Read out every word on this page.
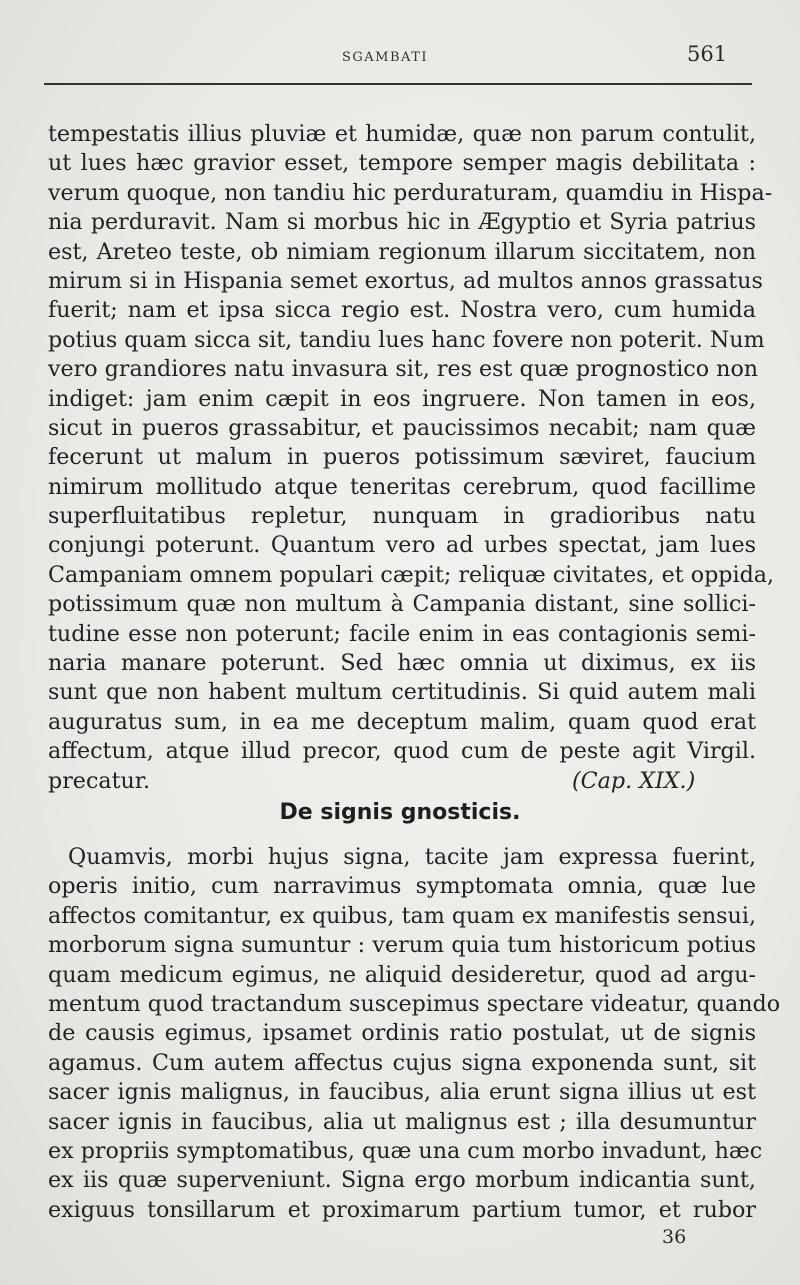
SGAMBATI	561
tempestatis illius pluviæ et humidæ, quæ non parum contulit,
ut lues hæc gravior esset, tempore semper magis debilitata :
verum quoque, non tandiu hic perduraturam, quamdiu in Hispa-
nia perduravit. Nam si morbus hic in Ægyptio et Syria patrius
est, Areteo teste, ob nimiam regionum illarum siccitatem, non
mirum si in Hispania semet exortus, ad multos annos grassatus
fuerit; nam et ipsa sicca regio est. Nostra vero, cum humida
potius quam sicca sit, tandiu lues hanc fovere non poterit. Num
vero grandiores natu invasura sit, res est quæ prognostico non
indiget: jam enim cæpit in eos ingruere. Non tamen in eos,
sicut in pueros grassabitur, et paucissimos necabit; nam quæ
fecerunt ut malum in pueros potissimum sæviret, faucium
nimirum mollitudo atque teneritas cerebrum, quod facillime
superfluitatibus repletur, nunquam in gradioribus natu
conjungi poterunt. Quantum vero ad urbes spectat, jam lues
Campaniam omnem populari cæpit; reliquæ civitates, et oppida,
potissimum quæ non multum à Campania distant, sine sollici-
tudine esse non poterunt; facile enim in eas contagionis semi-
naria manare poterunt. Sed hæc omnia ut diximus, ex iis
sunt que non habent multum certitudinis. Si quid autem mali
auguratus sum, in ea me deceptum malim, quam quod erat
affectum, atque illud precor, quod cum de peste agit Virgil.
precatur.	(Cap. XIX.)
De signis gnosticis.
Quamvis, morbi hujus signa, tacite jam expressa fuerint,
operis initio, cum narravimus symptomata omnia, quæ lue
affectos comitantur, ex quibus, tam quam ex manifestis sensui,
morborum signa sumuntur : verum quia tum historicum potius
quam medicum egimus, ne aliquid desideretur, quod ad argu-
mentum quod tractandum suscepimus spectare videatur, quando
de causis egimus, ipsamet ordinis ratio postulat, ut de signis
agamus. Cum autem affectus cujus signa exponenda sunt, sit
sacer ignis malignus, in faucibus, alia erunt signa illius ut est
sacer ignis in faucibus, alia ut malignus est ; illa desumuntur
ex propriis symptomatibus, quæ una cum morbo invadunt, hæc
ex iis quæ superveniunt. Signa ergo morbum indicantia sunt,
exiguus tonsillarum et proximarum partium tumor, et rubor
36
